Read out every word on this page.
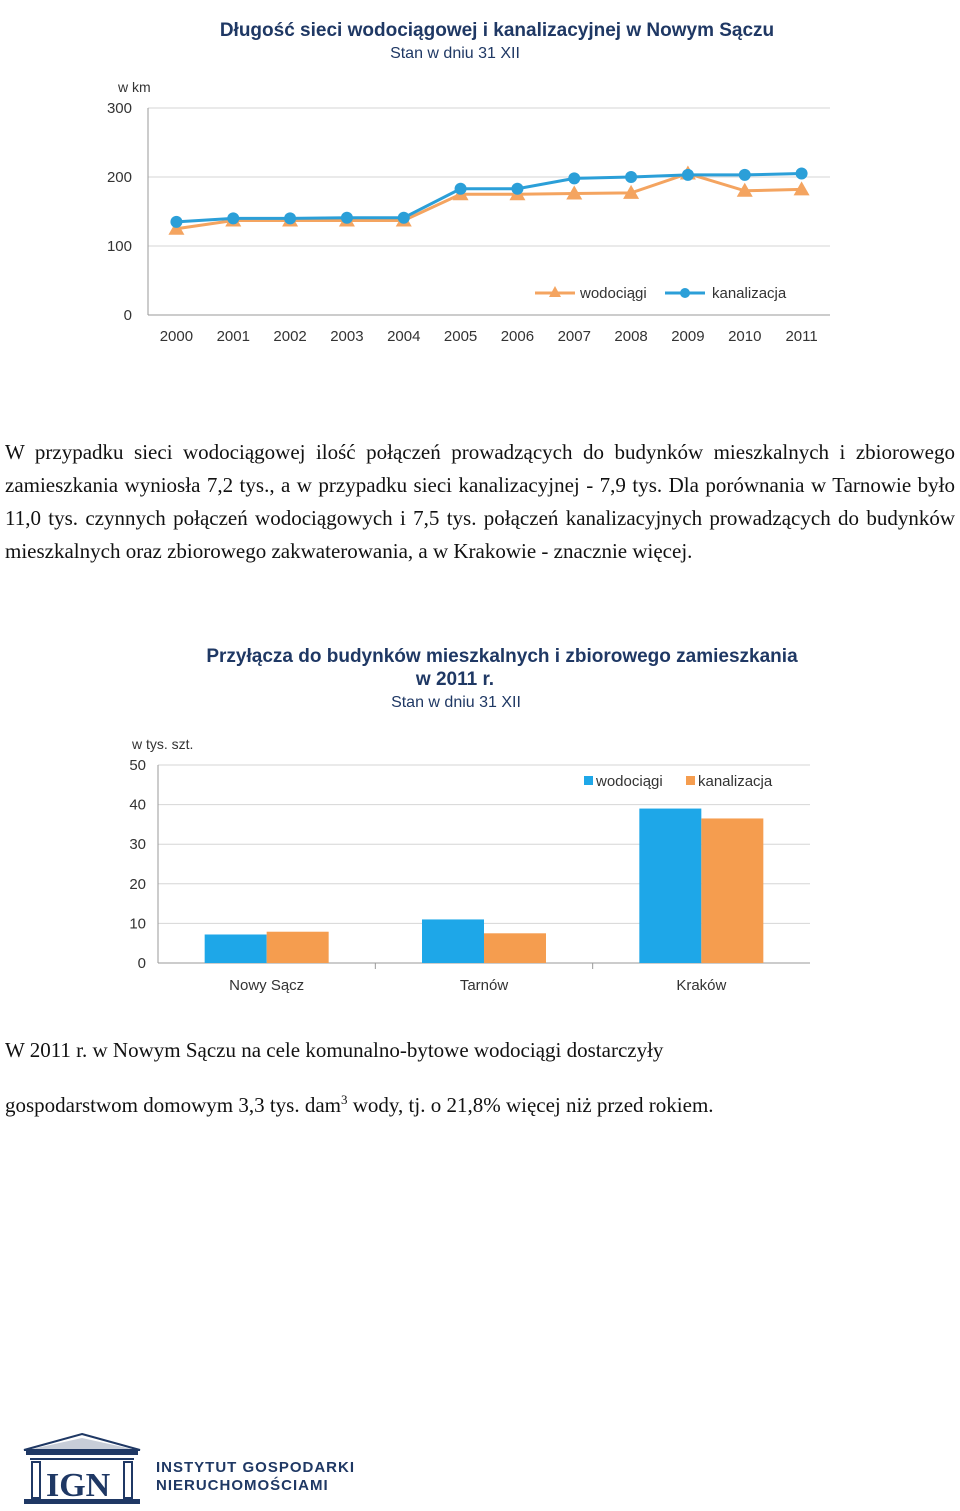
Długość sieci wodociągowej i kanalizacyjnej w Nowym Sączu
Stan w dniu 31 XII
w km
0
100
200
300
2000 2001 2002 2003 2004 2005 2006 2007 2008 2009 2010 2011
wodociągi	kanalizacja
W przypadku sieci wodociągowej ilość połączeń prowadzących do budynków mieszkalnych i zbiorowego zamieszkania wyniosła 7,2 tys., a w przypadku sieci kanalizacyjnej - 7,9 tys. Dla porównania w Tarnowie było 11,0 tys. czynnych połączeń wodociągowych i 7,5 tys. połączeń kanalizacyjnych prowadzących do budynków mieszkalnych oraz zbiorowego zakwaterowania, a w Krakowie - znacznie więcej.
Przyłącza do budynków mieszkalnych i zbiorowego zamieszkania
w 2011 r.
Stan w dniu 31 XII
w tys. szt.
0
10
20
30
40
50
Nowy Sącz	Tarnów	Kraków
wodociągi kanalizacja
W 2011 r. w Nowym Sączu na cele komunalno-bytowe wodociągi dostarczyły
gospodarstwom domowym 3,3 tys. dam$^3$ wody, tj. o 21,8% więcej niż przed rokiem.
IGN	INSTYTUT GOSPODARKI
NIERUCHOMOŚCIAMI
